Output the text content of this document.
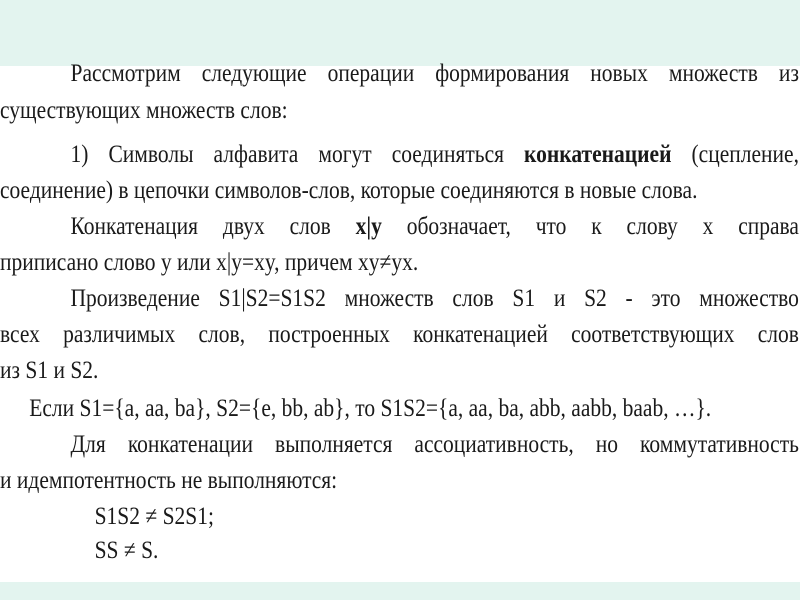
Рассмотрим следующие операции формирования новых множеств из
существующих множеств слов:
1) Символы алфавита могут соединяться конкатенацией (сцепление,
соединение) в цепочки символов-слов, которые соединяются в новые слова.
Конкатенация двух слов x|y обозначает, что к слову x справа
приписано слово y или x|y=xy, причем xy≠yx.
Произведение S1|S2=S1S2 множеств слов S1 и S2 - это множество
всех различимых слов, построенных конкатенацией соответствующих слов
из S1 и S2.
Если S1={a, aa, ba}, S2={e, bb, ab}, то S1S2={a, aa, ba, abb, aabb, baab, …}.
Для конкатенации выполняется ассоциативность, но коммутативность
и идемпотентность не выполняются:
S1S2 ≠ S2S1;
SS ≠ S.
